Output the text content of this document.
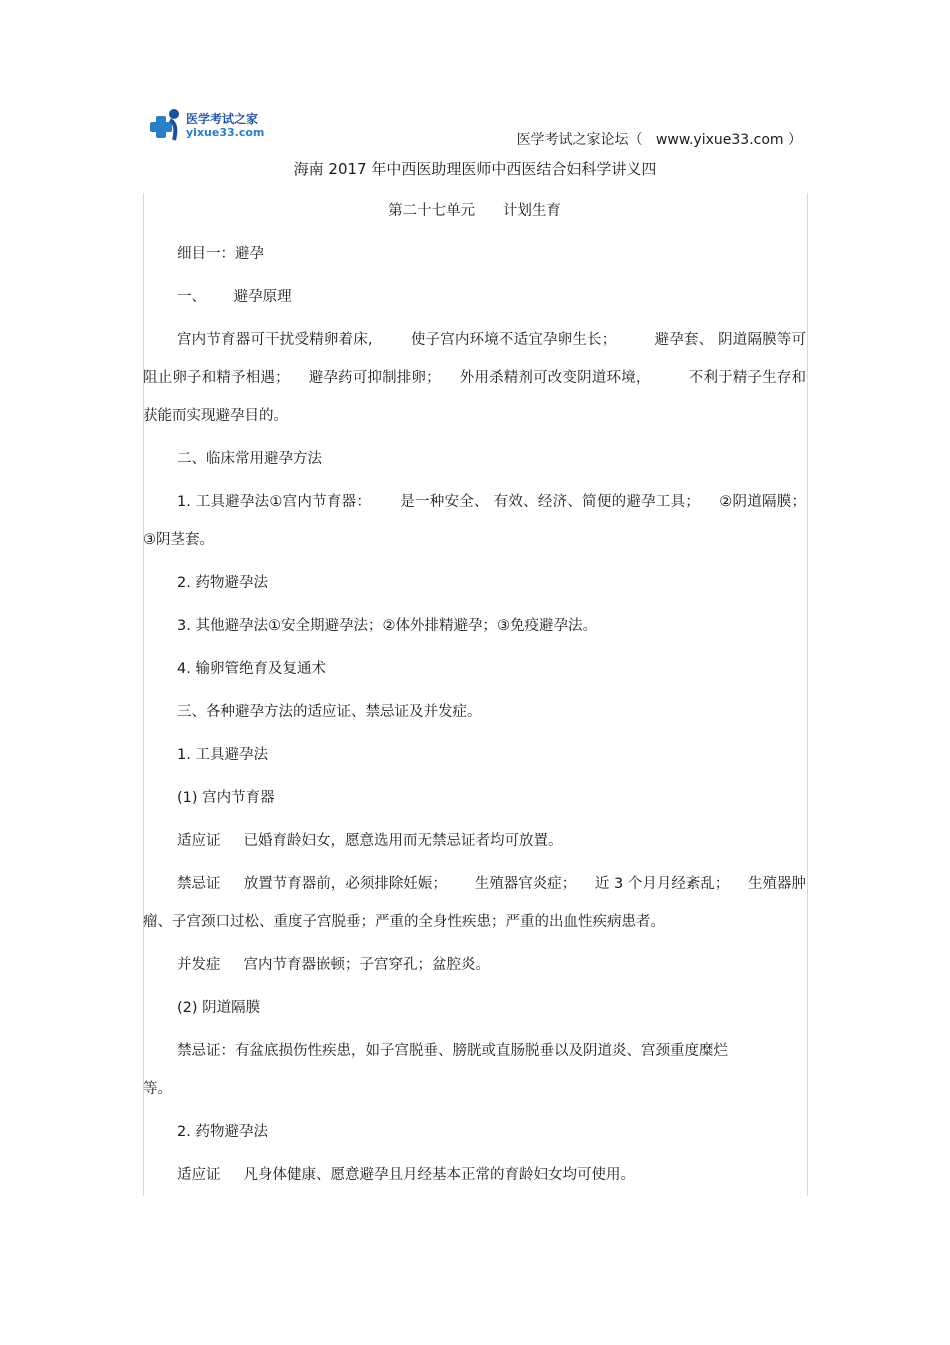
医学考试之家
yixue33.com	医学考试之家论坛（   www.yixue33.com ）
海南 2017 年中西医助理医师中西医结合妇科学讲义四

第二十七单元      计划生育

细目一：避孕

一、      避孕原理

宫内节育器可干扰受精卵着床,        使子宫内环境不适宜孕卵生长；        避孕套、 阴道隔膜等可阻止卵子和精予相遇；    避孕药可抑制排卵；    外用杀精剂可改变阴道环境，        不利于精子生存和获能而实现避孕目的。

二、临床常用避孕方法

1. 工具避孕法①宫内节育器：      是一种安全、 有效、经济、简便的避孕工具；    ②阴道隔膜；③阴茎套。

2. 药物避孕法

3. 其他避孕法①安全期避孕法；②体外排精避孕；③免疫避孕法。

4. 输卵管绝育及复通术

三、各种避孕方法的适应证、禁忌证及并发症。

1. 工具避孕法

(1) 宫内节育器

适应证     已婚育龄妇女，愿意选用而无禁忌证者均可放置。

禁忌证     放置节育器前，必须排除妊娠；      生殖器官炎症；    近 3 个月月经紊乱；    生殖器肿瘤、子宫颈口过松、重度子宫脱垂；严重的全身性疾患；严重的出血性疾病患者。

并发症     宫内节育器嵌顿；子宫穿孔；盆腔炎。

(2) 阴道隔膜

禁忌证：有盆底损伤性疾患，如子宫脱垂、膀胱或直肠脱垂以及阴道炎、宫颈重度糜烂

等。

2. 药物避孕法

适应证     凡身体健康、愿意避孕且月经基本正常的育龄妇女均可使用。
